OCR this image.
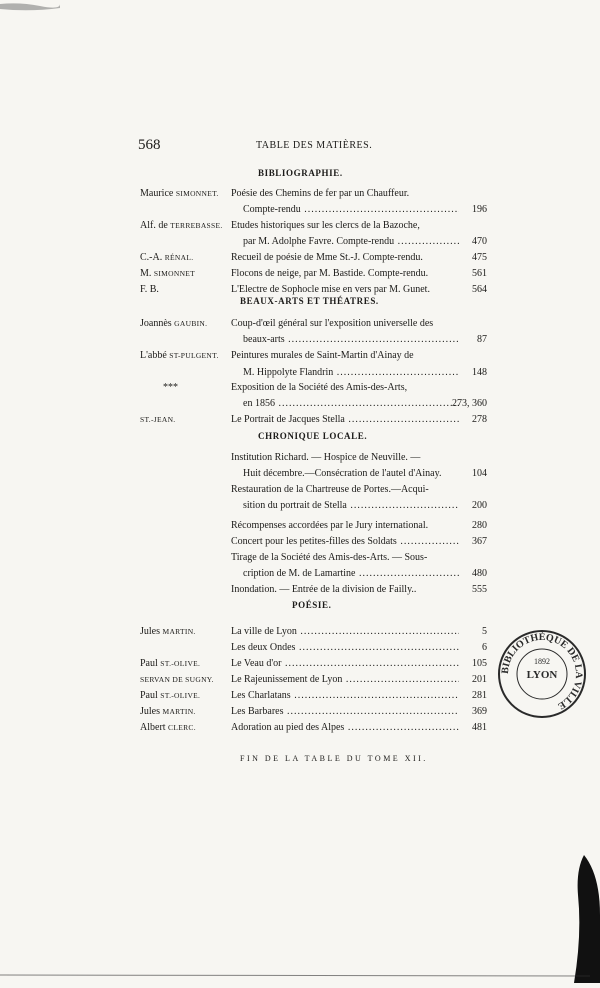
568	TABLE DES MATIÈRES.
BIBLIOGRAPHIE.
Maurice SIMONNET. Poésie des Chemins de fer par un Chauffeur.
Compte-rendu .....	196
Alf. de TERREBASSE. Etudes historiques sur les clercs de la Bazoche,
par M. Adolphe Favre. Compte-rendu .....	470
C.-A. RÉNAL.	Recueil de poésie de Mme St.-J. Compte-rendu.	475
M. SIMONNET	Flocons de neige, par M. Bastide. Compte-rendu.	561
F. B.	L'Electre de Sophocle mise en vers par M. Gunet.	564
BEAUX-ARTS ET THÉATRES.
Joannès GAUBIN. Coup-d'œil général sur l'exposition universelle des
beaux-arts .....	87
L'abbé ST-PULGENT. Peintures murales de Saint-Martin d'Ainay de
M. Hippolyte Flandrin .....	148
***	Exposition de la Société des Amis-des-Arts,
en 1856 .....	273, 360
ST.-JEAN.	Le Portrait de Jacques Stella .....	278
CHRONIQUE LOCALE.
Institution Richard. — Hospice de Neuville. —
Huit décembre.—Consécration de l'autel d'Ainay.	104
Restauration de la Chartreuse de Portes.—Acqui-
sition du portrait de Stella .....	200
Récompenses accordées par le Jury international.	280
Concert pour les petites-filles des Soldats .....	367
Tirage de la Société des Amis-des-Arts. — Sous-
cription de M. de Lamartine .....	480
Inondation. — Entrée de la division de Failly..	555
POÉSIE.
Jules MARTIN.	La ville de Lyon .....	5
Les deux Ondes .....	6
Paul ST.-OLIVE.	Le Veau d'or .....	105
SERVAN DE SUGNY. Le Rajeunissement de Lyon .....	201
Paul ST.-OLIVE.	Les Charlatans .....	281
Jules MARTIN.	Les Barbares .....	369
Albert CLERC.	Adoration au pied des Alpes .....	481
FIN DE LA TABLE DU TOME XII.
BIBLIOTHÈQUE DE LA VILLE
LYON
1892
